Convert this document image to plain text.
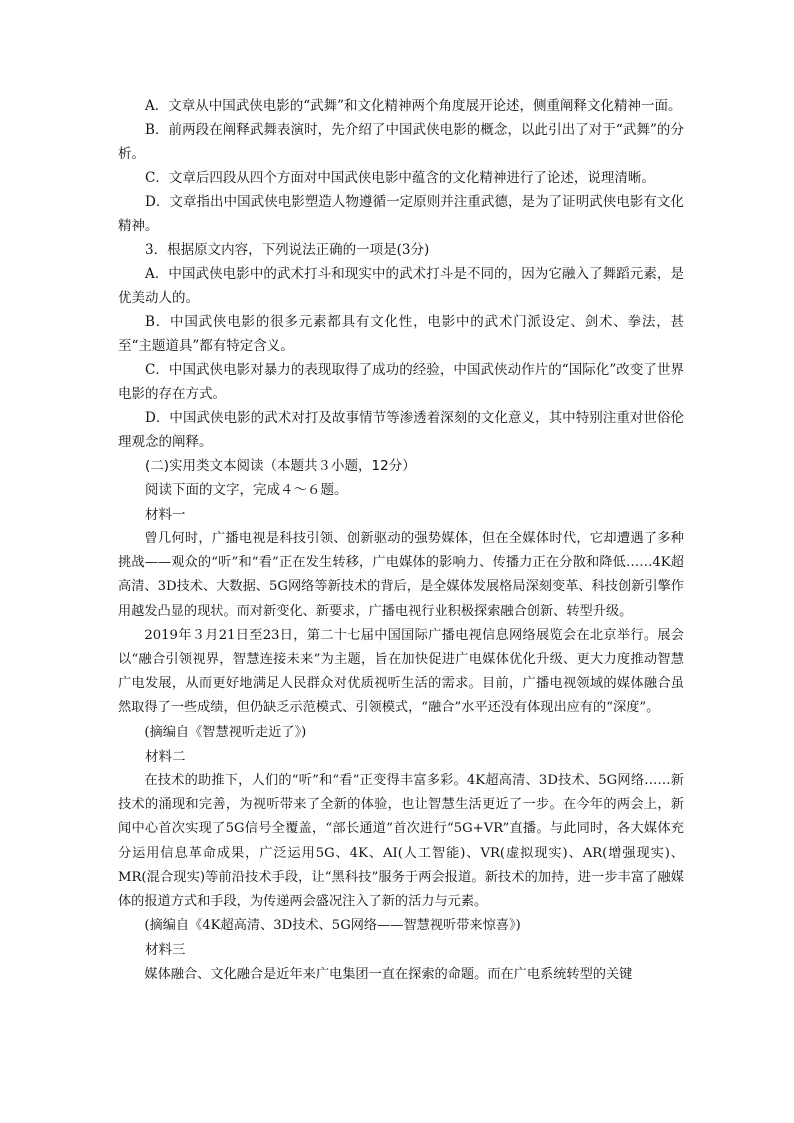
A．文章从中国武侠电影的“武舞”和文化精神两个角度展开论述，侧重阐释文化精神一面。

B．前两段在阐释武舞表演时，先介绍了中国武侠电影的概念，以此引出了对于“武舞”的分析。

C．文章后四段从四个方面对中国武侠电影中蕴含的文化精神进行了论述，说理清晰。

D．文章指出中国武侠电影塑造人物遵循一定原则并注重武德，是为了证明武侠电影有文化精神。

3．根据原文内容，下列说法正确的一项是(3分)

A．中国武侠电影中的武术打斗和现实中的武术打斗是不同的，因为它融入了舞蹈元素，是优美动人的。

B．中国武侠电影的很多元素都具有文化性，电影中的武术门派设定、剑术、拳法，甚至“主题道具”都有特定含义。

C．中国武侠电影对暴力的表现取得了成功的经验，中国武侠动作片的“国际化”改变了世界电影的存在方式。

D．中国武侠电影的武术对打及故事情节等渗透着深刻的文化意义，其中特别注重对世俗伦理观念的阐释。

(二)实用类文本阅读（本题共３小题，12分）

阅读下面的文字，完成４～６题。

材料一

曾几何时，广播电视是科技引领、创新驱动的强势媒体，但在全媒体时代，它却遭遇了多种挑战——观众的“听”和“看”正在发生转移，广电媒体的影响力、传播力正在分散和降低……4K超高清、3D技术、大数据、5G网络等新技术的背后，是全媒体发展格局深刻变革、科技创新引擎作用越发凸显的现状。而对新变化、新要求，广播电视行业积极探索融合创新、转型升级。

2019年３月21日至23日，第二十七届中国国际广播电视信息网络展览会在北京举行。展会以“融合引领视界，智慧连接未来”为主题，旨在加快促进广电媒体优化升级、更大力度推动智慧广电发展，从而更好地满足人民群众对优质视听生活的需求。目前，广播电视领域的媒体融合虽然取得了一些成绩，但仍缺乏示范模式、引领模式，“融合”水平还没有体现出应有的“深度”。

(摘编自《智慧视听走近了》)

材料二

在技术的助推下，人们的“听”和“看”正变得丰富多彩。4K超高清、3D技术、5G网络……新技术的涌现和完善，为视听带来了全新的体验，也让智慧生活更近了一步。在今年的两会上，新闻中心首次实现了5G信号全覆盖，“部长通道”首次进行“5G+VR”直播。与此同时，各大媒体充分运用信息革命成果，广泛运用5G、4K、AI(人工智能)、VR(虚拟现实)、AR(增强现实)、MR(混合现实)等前沿技术手段，让“黑科技”服务于两会报道。新技术的加持，进一步丰富了融媒体的报道方式和手段，为传递两会盛况注入了新的活力与元素。

(摘编自《4K超高清、3D技术、5G网络——智慧视听带来惊喜》)

材料三

媒体融合、文化融合是近年来广电集团一直在探索的命题。而在广电系统转型的关键
